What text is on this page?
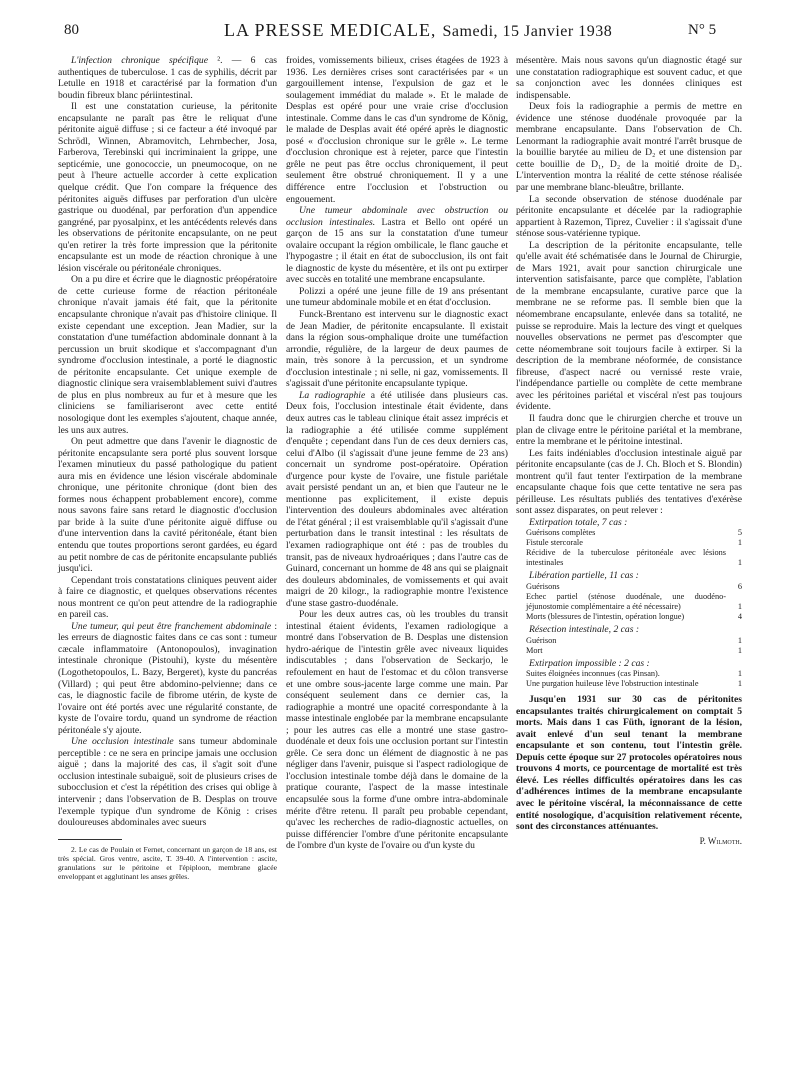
80	LA PRESSE MEDICALE, Samedi, 15 Janvier 1938	N° 5

L'infection chronique spécifique ². — 6 cas authentiques de tuberculose. 1 cas de syphilis, décrit par Letulle en 1918 et caractérisé par la formation d'un boudin fibreux blanc périintestinal.

Il est une constatation curieuse, la péritonite encapsulante ne paraît pas être le reliquat d'une péritonite aiguë diffuse ; si ce facteur a été invoqué par Schrödl, Winnen, Abramovitch, Lehrnbecher, Josa, Farberova, Terebinski qui incriminaient la grippe, une septicémie, une gonococcie, un pneumocoque, on ne peut à l'heure actuelle accorder à cette explication quelque crédit. Que l'on compare la fréquence des péritonites aiguës diffuses par perforation d'un ulcère gastrique ou duodénal, par perforation d'un appendice gangréné, par pyosalpinx, et les antécédents relevés dans les observations de péritonite encapsulante, on ne peut qu'en retirer la très forte impression que la péritonite encapsulante est un mode de réaction chronique à une lésion viscérale ou péritonéale chroniques.

On a pu dire et écrire que le diagnostic préopératoire de cette curieuse forme de réaction péritonéale chronique n'avait jamais été fait, que la péritonite encapsulante chronique n'avait pas d'histoire clinique. Il existe cependant une exception. Jean Madier, sur la constatation d'une tuméfaction abdominale donnant à la percussion un bruit skodique et s'accompagnant d'un syndrome d'occlusion intestinale, a porté le diagnostic de péritonite encapsulante. Cet unique exemple de diagnostic clinique sera vraisemblablement suivi d'autres de plus en plus nombreux au fur et à mesure que les cliniciens se familiariseront avec cette entité nosologique dont les exemples s'ajoutent, chaque année, les uns aux autres.

On peut admettre que dans l'avenir le diagnostic de péritonite encapsulante sera porté plus souvent lorsque l'examen minutieux du passé pathologique du patient aura mis en évidence une lésion viscérale abdominale chronique, une péritonite chronique (dont bien des formes nous échappent probablement encore), comme nous savons faire sans retard le diagnostic d'occlusion par bride à la suite d'une péritonite aiguë diffuse ou d'une intervention dans la cavité péritonéale, étant bien entendu que toutes proportions seront gardées, eu égard au petit nombre de cas de péritonite encapsulante publiés jusqu'ici.

Cependant trois constatations cliniques peuvent aider à faire ce diagnostic, et quelques observations récentes nous montrent ce qu'on peut attendre de la radiographie en pareil cas.

Une tumeur, qui peut être franchement abdominale : les erreurs de diagnostic faites dans ce cas sont : tumeur cæcale inflammatoire (Antonopoulos), invagination intestinale chronique (Pistouhi), kyste du mésentère (Logothetopoulos, L. Bazy, Bergeret), kyste du pancréas (Villard) ; qui peut être abdomino-pelvienne; dans ce cas, le diagnostic facile de fibrome utérin, de kyste de l'ovaire ont été portés avec une régularité constante, de kyste de l'ovaire tordu, quand un syndrome de réaction péritonéale s'y ajoute.

Une occlusion intestinale sans tumeur abdominale perceptible : ce ne sera en principe jamais une occlusion aiguë ; dans la majorité des cas, il s'agit soit d'une occlusion intestinale subaiguë, soit de plusieurs crises de subocclusion et c'est la répétition des crises qui oblige à intervenir ; dans l'observation de B. Desplas on trouve l'exemple typique d'un syndrome de König : crises douloureuses abdominales avec sueurs

2. Le cas de Poulain et Fernet, concernant un garçon de 18 ans, est très spécial. Gros ventre, ascite, T. 39-40. A l'intervention : ascite, granulations sur le péritoine et l'épiploon, membrane glacée enveloppant et agglutinant les anses grêles.

froides, vomissements bilieux, crises étagées de 1923 à 1936. Les dernières crises sont caractérisées par « un gargouillement intense, l'expulsion de gaz et le soulagement immédiat du malade ». Et le malade de Desplas est opéré pour une vraie crise d'occlusion intestinale. Comme dans le cas d'un syndrome de König, le malade de Desplas avait été opéré après le diagnostic posé « d'occlusion chronique sur le grêle ». Le terme d'occlusion chronique est à rejeter, parce que l'intestin grêle ne peut pas être occlus chroniquement, il peut seulement être obstrué chroniquement. Il y a une différence entre l'occlusion et l'obstruction ou engouement.

Une tumeur abdominale avec obstruction ou occlusion intestinales. Lastra et Bello ont opéré un garçon de 15 ans sur la constatation d'une tumeur ovalaire occupant la région ombilicale, le flanc gauche et l'hypogastre ; il était en état de subocclusion, ils ont fait le diagnostic de kyste du mésentère, et ils ont pu extirper avec succès en totalité une membrane encapsulante.

Polizzi a opéré une jeune fille de 19 ans présentant une tumeur abdominale mobile et en état d'occlusion.

Funck-Brentano est intervenu sur le diagnostic exact de Jean Madier, de péritonite encapsulante. Il existait dans la région sous-omphalique droite une tuméfaction arrondie, régulière, de la largeur de deux paumes de main, très sonore à la percussion, et un syndrome d'occlusion intestinale ; ni selle, ni gaz, vomissements. Il s'agissait d'une péritonite encapsulante typique.

La radiographie a été utilisée dans plusieurs cas. Deux fois, l'occlusion intestinale était évidente, dans deux autres cas le tableau clinique était assez imprécis et la radiographie a été utilisée comme supplément d'enquête ; cependant dans l'un de ces deux derniers cas, celui d'Albo (il s'agissait d'une jeune femme de 23 ans) concernait un syndrome post-opératoire. Opération d'urgence pour kyste de l'ovaire, une fistule pariétale avait persisté pendant un an, et bien que l'auteur ne le mentionne pas explicitement, il existe depuis l'intervention des douleurs abdominales avec altération de l'état général ; il est vraisemblable qu'il s'agissait d'une perturbation dans le transit intestinal : les résultats de l'examen radiographique ont été : pas de troubles du transit, pas de niveaux hydroaériques ; dans l'autre cas de Guinard, concernant un homme de 48 ans qui se plaignait des douleurs abdominales, de vomissements et qui avait maigri de 20 kilogr., la radiographie montre l'existence d'une stase gastro-duodénale.

Pour les deux autres cas, où les troubles du transit intestinal étaient évidents, l'examen radiologique a montré dans l'observation de B. Desplas une distension hydro-aérique de l'intestin grêle avec niveaux liquides indiscutables ; dans l'observation de Seckarjo, le refoulement en haut de l'estomac et du côlon transverse et une ombre sous-jacente large comme une main. Par conséquent seulement dans ce dernier cas, la radiographie a montré une opacité correspondante à la masse intestinale englobée par la membrane encapsulante ; pour les autres cas elle a montré une stase gastro-duodénale et deux fois une occlusion portant sur l'intestin grêle. Ce sera donc un élément de diagnostic à ne pas négliger dans l'avenir, puisque si l'aspect radiologique de l'occlusion intestinale tombe déjà dans le domaine de la pratique courante, l'aspect de la masse intestinale encapsulée sous la forme d'une ombre intra-abdominale mérite d'être retenu. Il paraît peu probable cependant, qu'avec les recherches de radio-diagnostic actuelles, on puisse différencier l'ombre d'une péritonite encapsulante de l'ombre d'un kyste de l'ovaire ou d'un kyste du

mésentère. Mais nous savons qu'un diagnostic étagé sur une constatation radiographique est souvent caduc, et que sa conjonction avec les données cliniques est indispensable.

Deux fois la radiographie a permis de mettre en évidence une sténose duodénale provoquée par la membrane encapsulante. Dans l'observation de Ch. Lenormant la radiographie avait montré l'arrêt brusque de la bouillie barytée au milieu de D₂ et une distension par cette bouillie de D₁, D₂ de la moitié droite de D₃. L'intervention montra la réalité de cette sténose réalisée par une membrane blanc-bleuâtre, brillante.

La seconde observation de sténose duodénale par péritonite encapsulante et décelée par la radiographie appartient à Razemon, Tiprez, Cuvelier : il s'agissait d'une sténose sous-vatérienne typique.

La description de la péritonite encapsulante, telle qu'elle avait été schématisée dans le Journal de Chirurgie, de Mars 1921, avait pour sanction chirurgicale une intervention satisfaisante, parce que complète, l'ablation de la membrane encapsulante, curative parce que la membrane ne se reforme pas. Il semble bien que la néomembrane encapsulante, enlevée dans sa totalité, ne puisse se reproduire. Mais la lecture des vingt et quelques nouvelles observations ne permet pas d'escompter que cette néomembrane soit toujours facile à extirper. Si la description de la membrane néoformée, de consistance fibreuse, d'aspect nacré ou vernissé reste vraie, l'indépendance partielle ou complète de cette membrane avec les péritoines pariétal et viscéral n'est pas toujours évidente.

Il faudra donc que le chirurgien cherche et trouve un plan de clivage entre le péritoine pariétal et la membrane, entre la membrane et le péritoine intestinal.

Les faits indéniables d'occlusion intestinale aiguë par péritonite encapsulante (cas de J. Ch. Bloch et S. Blondin) montrent qu'il faut tenter l'extirpation de la membrane encapsulante chaque fois que cette tentative ne sera pas périlleuse. Les résultats publiés des tentatives d'exérèse sont assez disparates, on peut relever :

Extirpation totale, 7 cas :

Guérisons complètes	5
Fistule stercorale	1
Récidive de la tuberculose péritonéale avec lésions intestinales	1

Libération partielle, 11 cas :

Guérisons	6
Echec partiel (sténose duodénale, une duodéno-jéjunostomie complémentaire a été nécessaire)	1
Morts (blessures de l'intestin, opération longue)	4

Résection intestinale, 2 cas :

Guérison	1
Mort	1

Extirpation impossible : 2 cas :

Suites éloignées inconnues (cas Pinsan).	1
Une purgation huileuse lève l'obstruction intestinale	1

Jusqu'en 1931 sur 30 cas de péritonites encapsulantes traités chirurgicalement on comptait 5 morts. Mais dans 1 cas Füth, ignorant de la lésion, avait enlevé d'un seul tenant la membrane encapsulante et son contenu, tout l'intestin grêle. Depuis cette époque sur 27 protocoles opératoires nous trouvons 4 morts, ce pourcentage de mortalité est très élevé. Les réelles difficultés opératoires dans les cas d'adhérences intimes de la membrane encapsulante avec le péritoine viscéral, la méconnaissance de cette entité nosologique, d'acquisition relativement récente, sont des circonstances atténuantes.

P. Wilmoth.
